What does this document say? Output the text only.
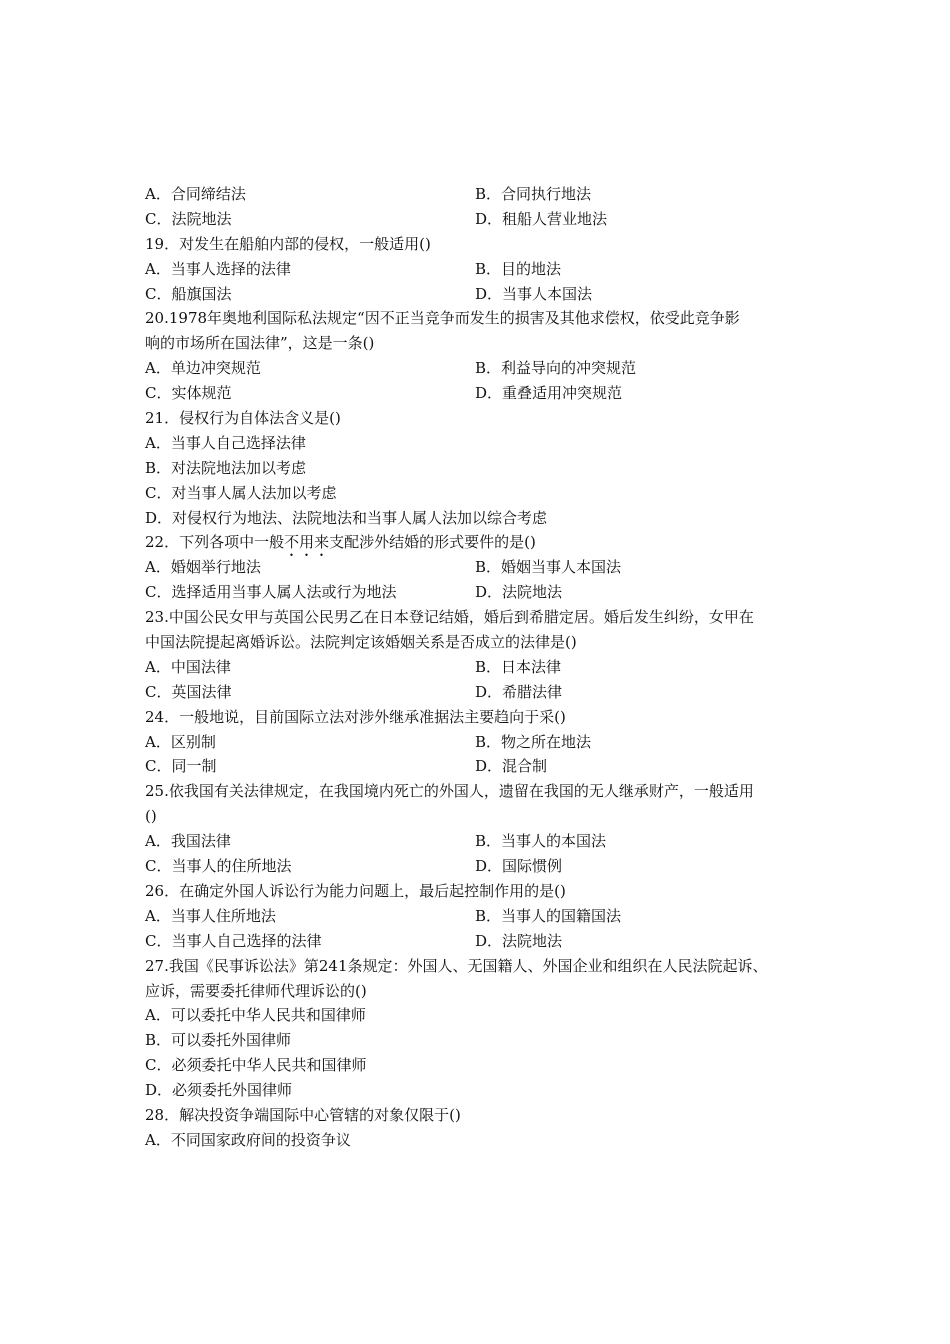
A．合同缔结法	B．合同执行地法
C．法院地法	D．租船人营业地法
19．对发生在船舶内部的侵权，一般适用()
A．当事人选择的法律	B．目的地法
C．船旗国法	D．当事人本国法
20.1978年奥地利国际私法规定“因不正当竞争而发生的损害及其他求偿权，依受此竞争影
响的市场所在国法律”，这是一条()
A．单边冲突规范	B．利益导向的冲突规范
C．实体规范	D．重叠适用冲突规范
21．侵权行为自体法含义是()
A．当事人自己选择法律
B．对法院地法加以考虑
C．对当事人属人法加以考虑
D．对侵权行为地法、法院地法和当事人属人法加以综合考虑
22．下列各项中一般不用来支配涉外结婚的形式要件的是()
A．婚姻举行地法	B．婚姻当事人本国法
C．选择适用当事人属人法或行为地法	D．法院地法
23.中国公民女甲与英国公民男乙在日本登记结婚，婚后到希腊定居。婚后发生纠纷，女甲在
中国法院提起离婚诉讼。法院判定该婚姻关系是否成立的法律是()
A．中国法律	B．日本法律
C．英国法律	D．希腊法律
24．一般地说，目前国际立法对涉外继承准据法主要趋向于采()
A．区别制	B．物之所在地法
C．同一制	D．混合制
25.依我国有关法律规定，在我国境内死亡的外国人，遗留在我国的无人继承财产，一般适用
()
A．我国法律	B．当事人的本国法
C．当事人的住所地法	D．国际惯例
26．在确定外国人诉讼行为能力问题上，最后起控制作用的是()
A．当事人住所地法	B．当事人的国籍国法
C．当事人自己选择的法律	D．法院地法
27.我国《民事诉讼法》第241条规定：外国人、无国籍人、外国企业和组织在人民法院起诉、
应诉，需要委托律师代理诉讼的()
A．可以委托中华人民共和国律师
B．可以委托外国律师
C．必须委托中华人民共和国律师
D．必须委托外国律师
28．解决投资争端国际中心管辖的对象仅限于()
A．不同国家政府间的投资争议
